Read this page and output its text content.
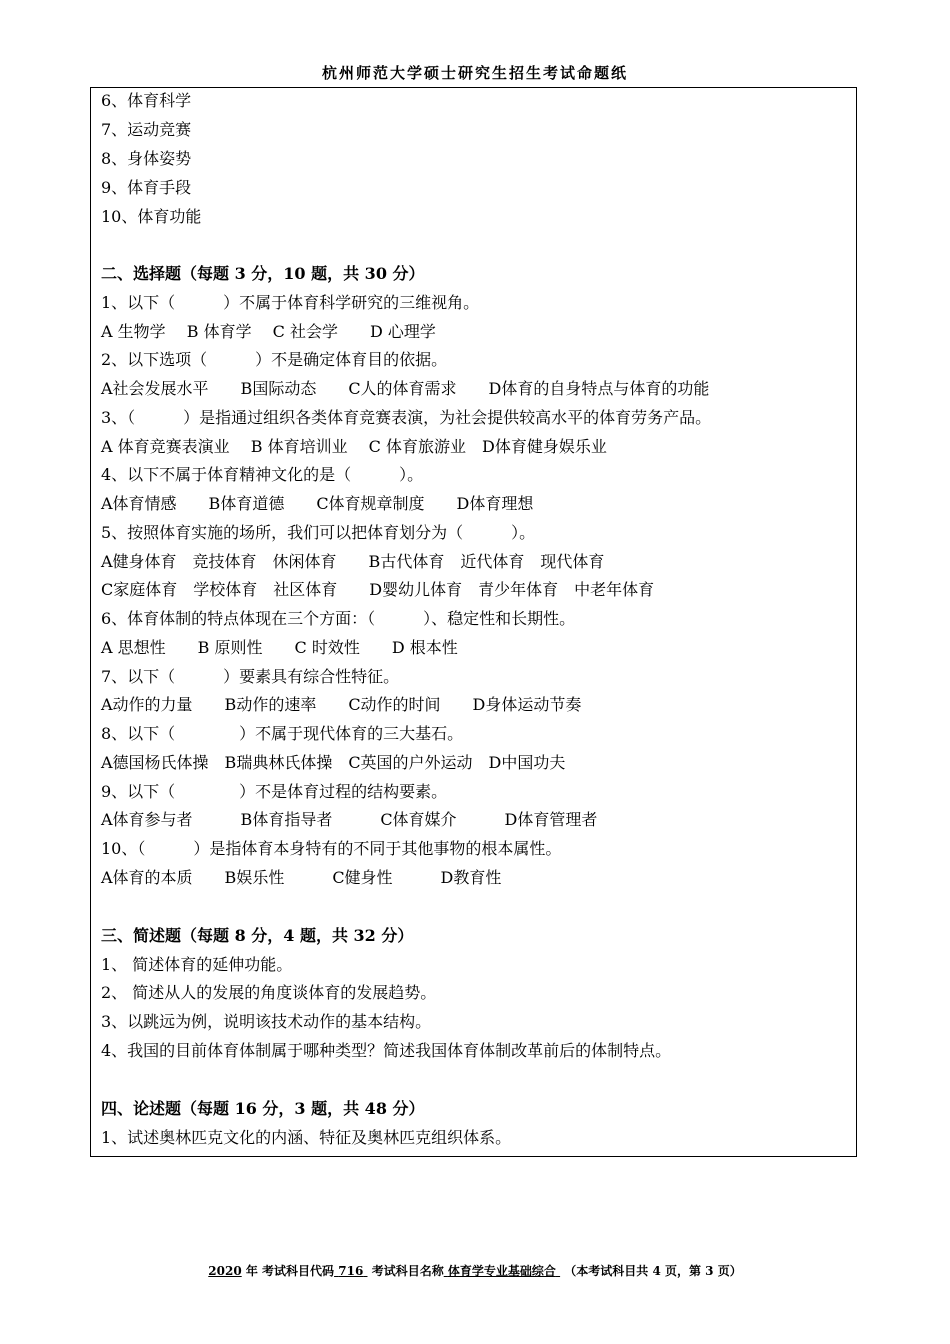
杭州师范大学硕士研究生招生考试命题纸
6、体育科学
7、运动竞赛
8、身体姿势
9、体育手段
10、体育功能
二、选择题（每题 3 分，10 题，共 30 分）
1、以下（　　　）不属于体育科学研究的三维视角。
A 生物学　 B 体育学　 C 社会学　　D 心理学
2、以下选项（　　　）不是确定体育目的依据。
A社会发展水平　　B国际动态　　C人的体育需求　　D体育的自身特点与体育的功能
3、（　　　）是指通过组织各类体育竞赛表演，为社会提供较高水平的体育劳务产品。
A 体育竞赛表演业　 B 体育培训业　 C 体育旅游业　D体育健身娱乐业
4、以下不属于体育精神文化的是（　　　）。
A体育情感　　B体育道德　　C体育规章制度　　D体育理想
5、按照体育实施的场所，我们可以把体育划分为（　　　）。
A健身体育　竞技体育　休闲体育　　B古代体育　近代体育　现代体育
C家庭体育　学校体育　社区体育　　D婴幼儿体育　青少年体育　中老年体育
6、体育体制的特点体现在三个方面：（　　　）、稳定性和长期性。
A 思想性　　B 原则性　　C 时效性　　D 根本性
7、以下（　　　）要素具有综合性特征。
A动作的力量　　B动作的速率　　C动作的时间　　D身体运动节奏
8、以下（　　　　）不属于现代体育的三大基石。
A德国杨氏体操　B瑞典林氏体操　C英国的户外运动　D中国功夫
9、以下（　　　　）不是体育过程的结构要素。
A体育参与者　　　B体育指导者　　　C体育媒介　　　D体育管理者
10、（　　　）是指体育本身特有的不同于其他事物的根本属性。
A体育的本质　　B娱乐性　　　C健身性　　　D教育性
三、简述题（每题 8 分，4 题，共 32 分）
1、 简述体育的延伸功能。
2、 简述从人的发展的角度谈体育的发展趋势。
3、以跳远为例，说明该技术动作的基本结构。
4、我国的目前体育体制属于哪种类型？简述我国体育体制改革前后的体制特点。
四、论述题（每题 16 分，3 题，共 48 分）
1、试述奥林匹克文化的内涵、特征及奥林匹克组织体系。
2020 年 考试科目代码 716 考试科目名称 体育学专业基础综合 （本考试科目共 4 页，第 3 页）
